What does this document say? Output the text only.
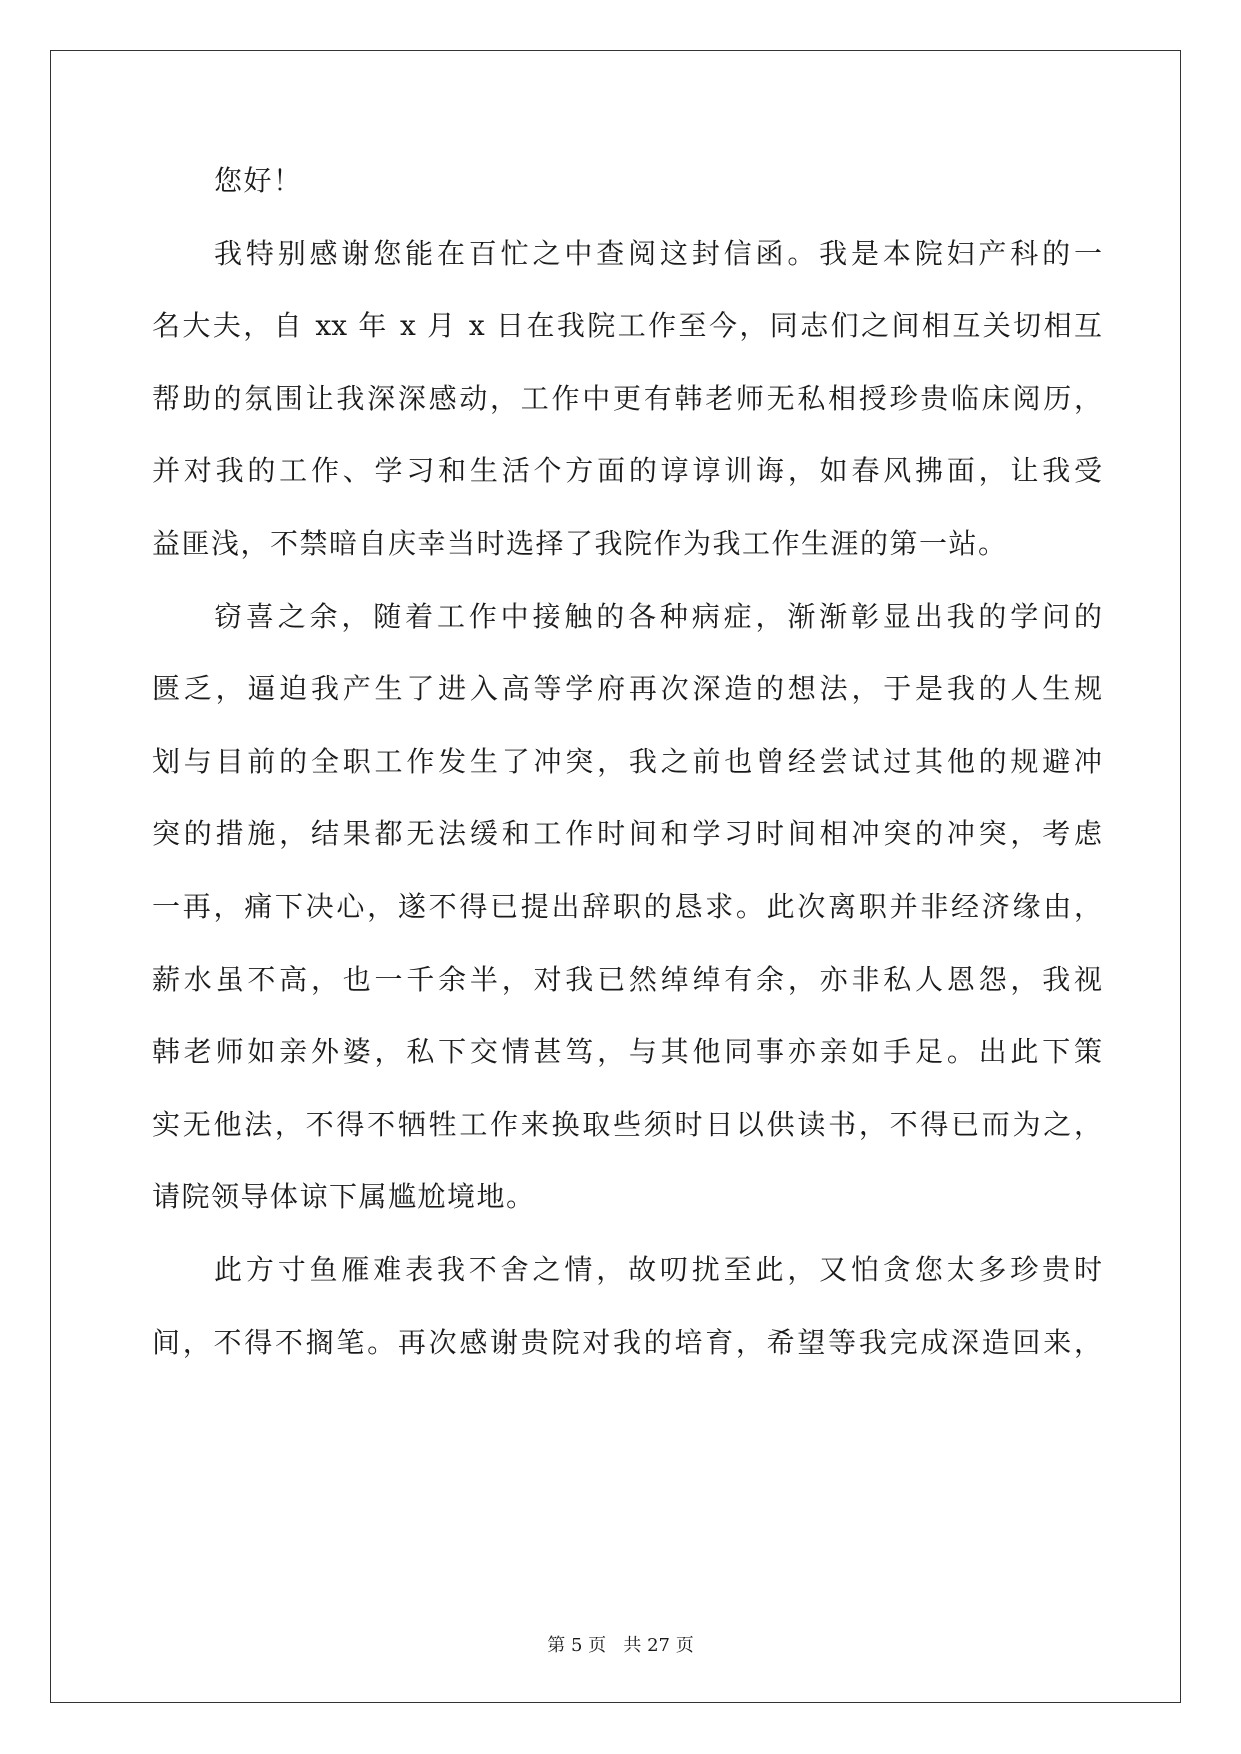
您好！
我特别感谢您能在百忙之中查阅这封信函。我是本院妇产科的一
名大夫，自 xx 年 x 月 x 日在我院工作至今，同志们之间相互关切相互
帮助的氛围让我深深感动，工作中更有韩老师无私相授珍贵临床阅历，
并对我的工作、学习和生活个方面的谆谆训诲，如春风拂面，让我受
益匪浅，不禁暗自庆幸当时选择了我院作为我工作生涯的第一站。
窃喜之余，随着工作中接触的各种病症，渐渐彰显出我的学问的
匮乏，逼迫我产生了进入高等学府再次深造的想法，于是我的人生规
划与目前的全职工作发生了冲突，我之前也曾经尝试过其他的规避冲
突的措施，结果都无法缓和工作时间和学习时间相冲突的冲突，考虑
一再，痛下决心，遂不得已提出辞职的恳求。此次离职并非经济缘由，
薪水虽不高，也一千余半，对我已然绰绰有余，亦非私人恩怨，我视
韩老师如亲外婆，私下交情甚笃，与其他同事亦亲如手足。出此下策
实无他法，不得不牺牲工作来换取些须时日以供读书，不得已而为之，
请院领导体谅下属尴尬境地。
此方寸鱼雁难表我不舍之情，故叨扰至此，又怕贪您太多珍贵时
间，不得不搁笔。再次感谢贵院对我的培育，希望等我完成深造回来，
第 5 页   共 27 页
